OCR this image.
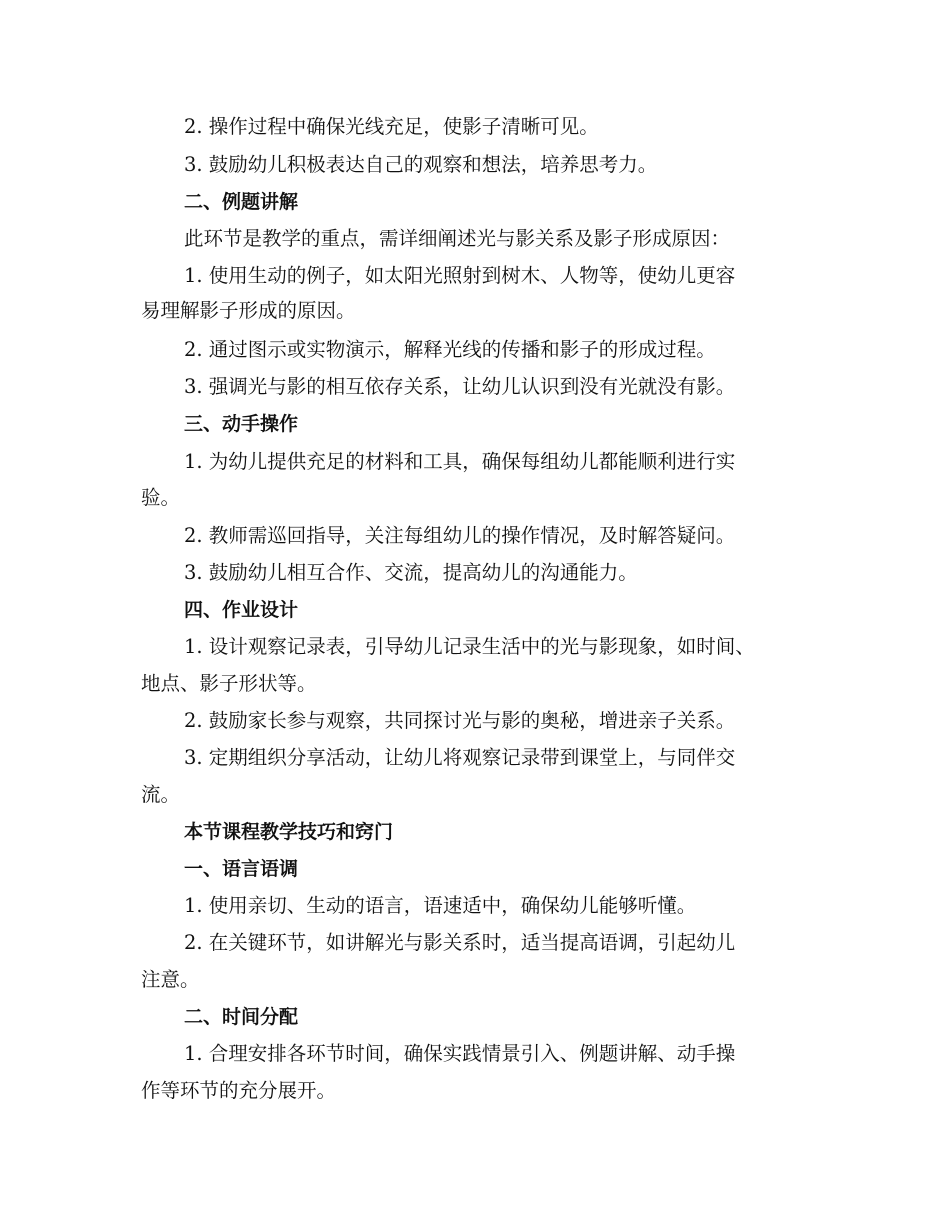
2. 操作过程中确保光线充足，使影子清晰可见。
3. 鼓励幼儿积极表达自己的观察和想法，培养思考力。
二、例题讲解
此环节是教学的重点，需详细阐述光与影关系及影子形成原因：
1. 使用生动的例子，如太阳光照射到树木、人物等，使幼儿更容
易理解影子形成的原因。
2. 通过图示或实物演示，解释光线的传播和影子的形成过程。
3. 强调光与影的相互依存关系，让幼儿认识到没有光就没有影。
三、动手操作
1. 为幼儿提供充足的材料和工具，确保每组幼儿都能顺利进行实
验。
2. 教师需巡回指导，关注每组幼儿的操作情况，及时解答疑问。
3. 鼓励幼儿相互合作、交流，提高幼儿的沟通能力。
四、作业设计
1. 设计观察记录表，引导幼儿记录生活中的光与影现象，如时间、
地点、影子形状等。
2. 鼓励家长参与观察，共同探讨光与影的奥秘，增进亲子关系。
3. 定期组织分享活动，让幼儿将观察记录带到课堂上，与同伴交
流。
本节课程教学技巧和窍门
一、语言语调
1. 使用亲切、生动的语言，语速适中，确保幼儿能够听懂。
2. 在关键环节，如讲解光与影关系时，适当提高语调，引起幼儿
注意。
二、时间分配
1. 合理安排各环节时间，确保实践情景引入、例题讲解、动手操
作等环节的充分展开。
